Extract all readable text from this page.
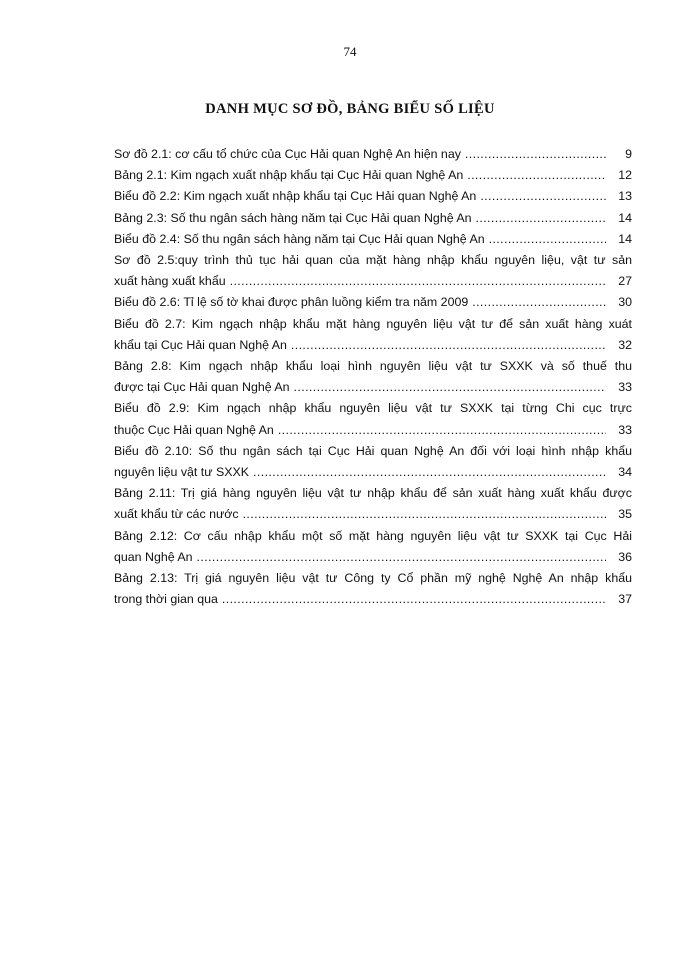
74
DANH MỤC SƠ ĐỒ, BẢNG BIỂU SỐ LIỆU
Sơ đồ 2.1: cơ cấu tổ chức của Cục Hải quan Nghệ An hiện nay .....	9
Bảng 2.1: Kim ngạch xuất nhập khẩu tại Cục Hải quan Nghệ An .....	12
Biểu đồ 2.2: Kim ngạch xuất nhập khẩu tại Cục Hải quan Nghệ An .....	13
Bảng 2.3: Số thu ngân sách hàng năm tại Cục Hải quan Nghệ An .....	14
Biểu đồ 2.4: Số thu ngân sách hàng năm tại Cục Hải quan Nghệ An .....	14
Sơ đồ 2.5:quy trình thủ tục hải quan của mặt hàng nhập khẩu nguyên liệu, vật tư sản
xuất hàng xuất khẩu .....	27
Biểu đồ 2.6: Tỉ lệ số tờ khai được phân luồng kiểm tra năm 2009 .....	30
Biểu đồ 2.7: Kim ngạch nhập khẩu mặt hàng nguyên liệu vật tư để sản xuất hàng xuát
khẩu tại Cục Hải quan Nghệ An .....	32
Bảng 2.8: Kim ngạch nhập khẩu loại hình nguyên liệu vật tư SXXK và số thuế thu
được tại Cục Hải quan Nghệ An .....	33
Biểu đồ 2.9: Kim ngạch nhập khẩu nguyên liệu vật tư SXXK tại từng Chi cục trực
thuộc Cục Hải quan Nghệ An .....	33
Biểu đồ 2.10: Số thu ngân sách tại Cục Hải quan Nghệ An đối với loại hình nhập khẩu
nguyên liệu vật tư SXXK .....	34
Bảng 2.11: Trị giá hàng nguyên liệu vật tư nhập khẩu để sản xuất hàng xuất khẩu được
xuất khẩu từ các nước .....	35
Bảng 2.12: Cơ cấu nhập khẩu một số mặt hàng nguyên liệu vật tư SXXK tại Cục Hải
quan Nghệ An .....	36
Bảng 2.13: Trị giá nguyên liệu vật tư Công ty Cổ phần mỹ nghệ Nghệ An nhập khẩu
trong thời gian qua .....	37
